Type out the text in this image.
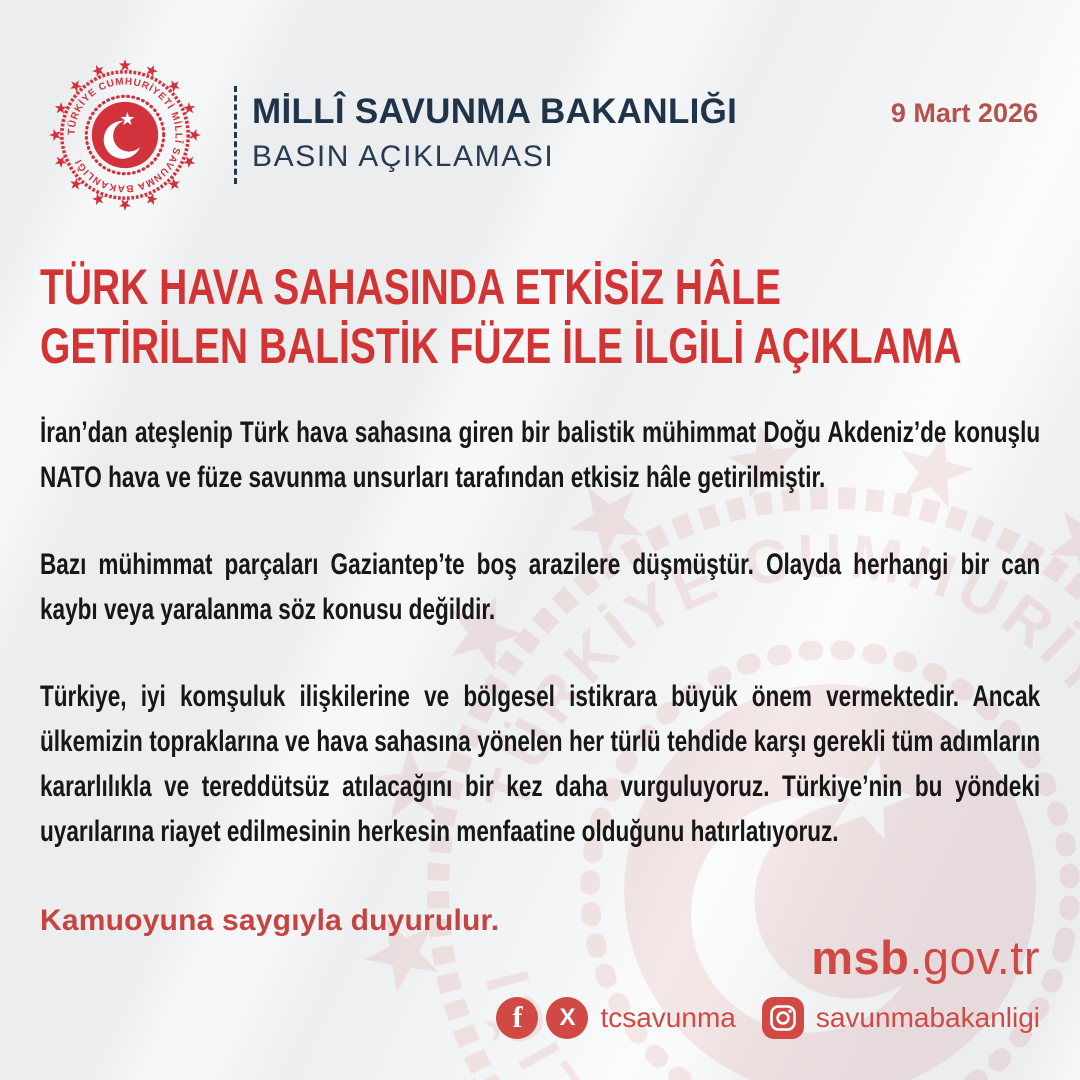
MİLLÎ SAVUNMA BAKANLIĞI
BASIN AÇIKLAMASI
9 Mart 2026
TÜRK HAVA SAHASINDA ETKİSİZ HÂLE
GETİRİLEN BALİSTİK FÜZE İLE İLGİLİ AÇIKLAMA

İran’dan ateşlenip Türk hava sahasına giren bir balistik mühimmat Doğu Akdeniz’de konuşlu NATO hava ve füze savunma unsurları tarafından etkisiz hâle getirilmiştir.

Bazı mühimmat parçaları Gaziantep’te boş arazilere düşmüştür. Olayda herhangi bir can kaybı veya yaralanma söz konusu değildir.

Türkiye, iyi komşuluk ilişkilerine ve bölgesel istikrara büyük önem vermektedir. Ancak ülkemizin topraklarına ve hava sahasına yönelen her türlü tehdide karşı gerekli tüm adımların kararlılıkla ve tereddütsüz atılacağını bir kez daha vurguluyoruz. Türkiye’nin bu yöndeki uyarılarına riayet edilmesinin herkesin menfaatine olduğunu hatırlatıyoruz.

Kamuoyuna saygıyla duyurulur.
msb.gov.tr
f X tcsavunma	savunmabakanligi
